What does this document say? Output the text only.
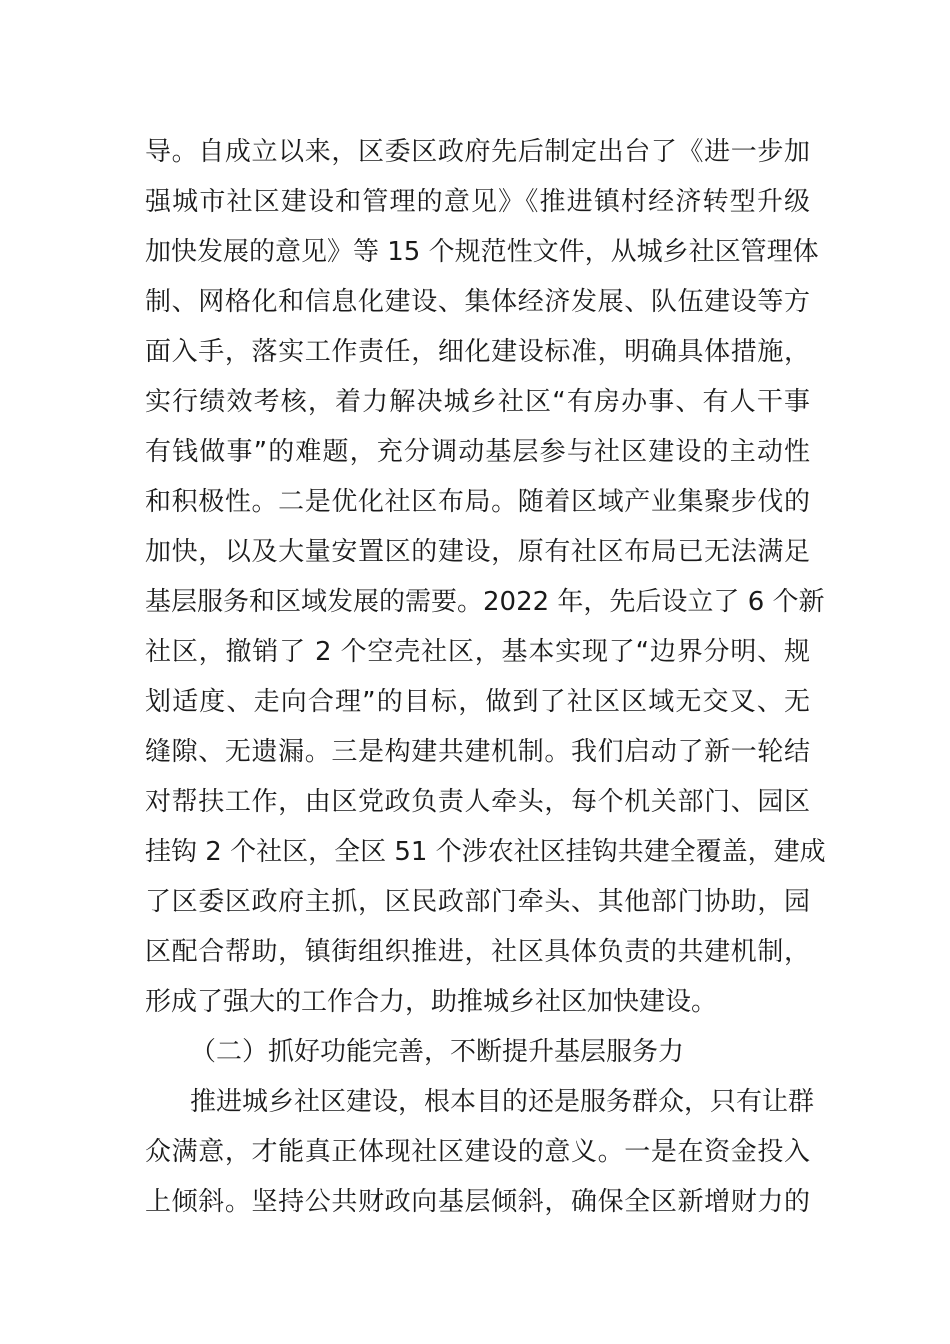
导。自成立以来，区委区政府先后制定出台了《进一步加
强城市社区建设和管理的意见》《推进镇村经济转型升级
加快发展的意见》等 15 个规范性文件，从城乡社区管理体
制、网格化和信息化建设、集体经济发展、队伍建设等方
面入手，落实工作责任，细化建设标准，明确具体措施，
实行绩效考核，着力解决城乡社区“有房办事、有人干事
有钱做事”的难题，充分调动基层参与社区建设的主动性
和积极性。二是优化社区布局。随着区域产业集聚步伐的
加快，以及大量安置区的建设，原有社区布局已无法满足
基层服务和区域发展的需要。2022 年，先后设立了 6 个新
社区，撤销了 2 个空壳社区，基本实现了“边界分明、规
划适度、走向合理”的目标，做到了社区区域无交叉、无
缝隙、无遗漏。三是构建共建机制。我们启动了新一轮结
对帮扶工作，由区党政负责人牵头，每个机关部门、园区
挂钩 2 个社区，全区 51 个涉农社区挂钩共建全覆盖，建成
了区委区政府主抓，区民政部门牵头、其他部门协助，园
区配合帮助，镇街组织推进，社区具体负责的共建机制，
形成了强大的工作合力，助推城乡社区加快建设。
（二）抓好功能完善，不断提升基层服务力
推进城乡社区建设，根本目的还是服务群众，只有让群
众满意，才能真正体现社区建设的意义。一是在资金投入
上倾斜。坚持公共财政向基层倾斜，确保全区新增财力的
